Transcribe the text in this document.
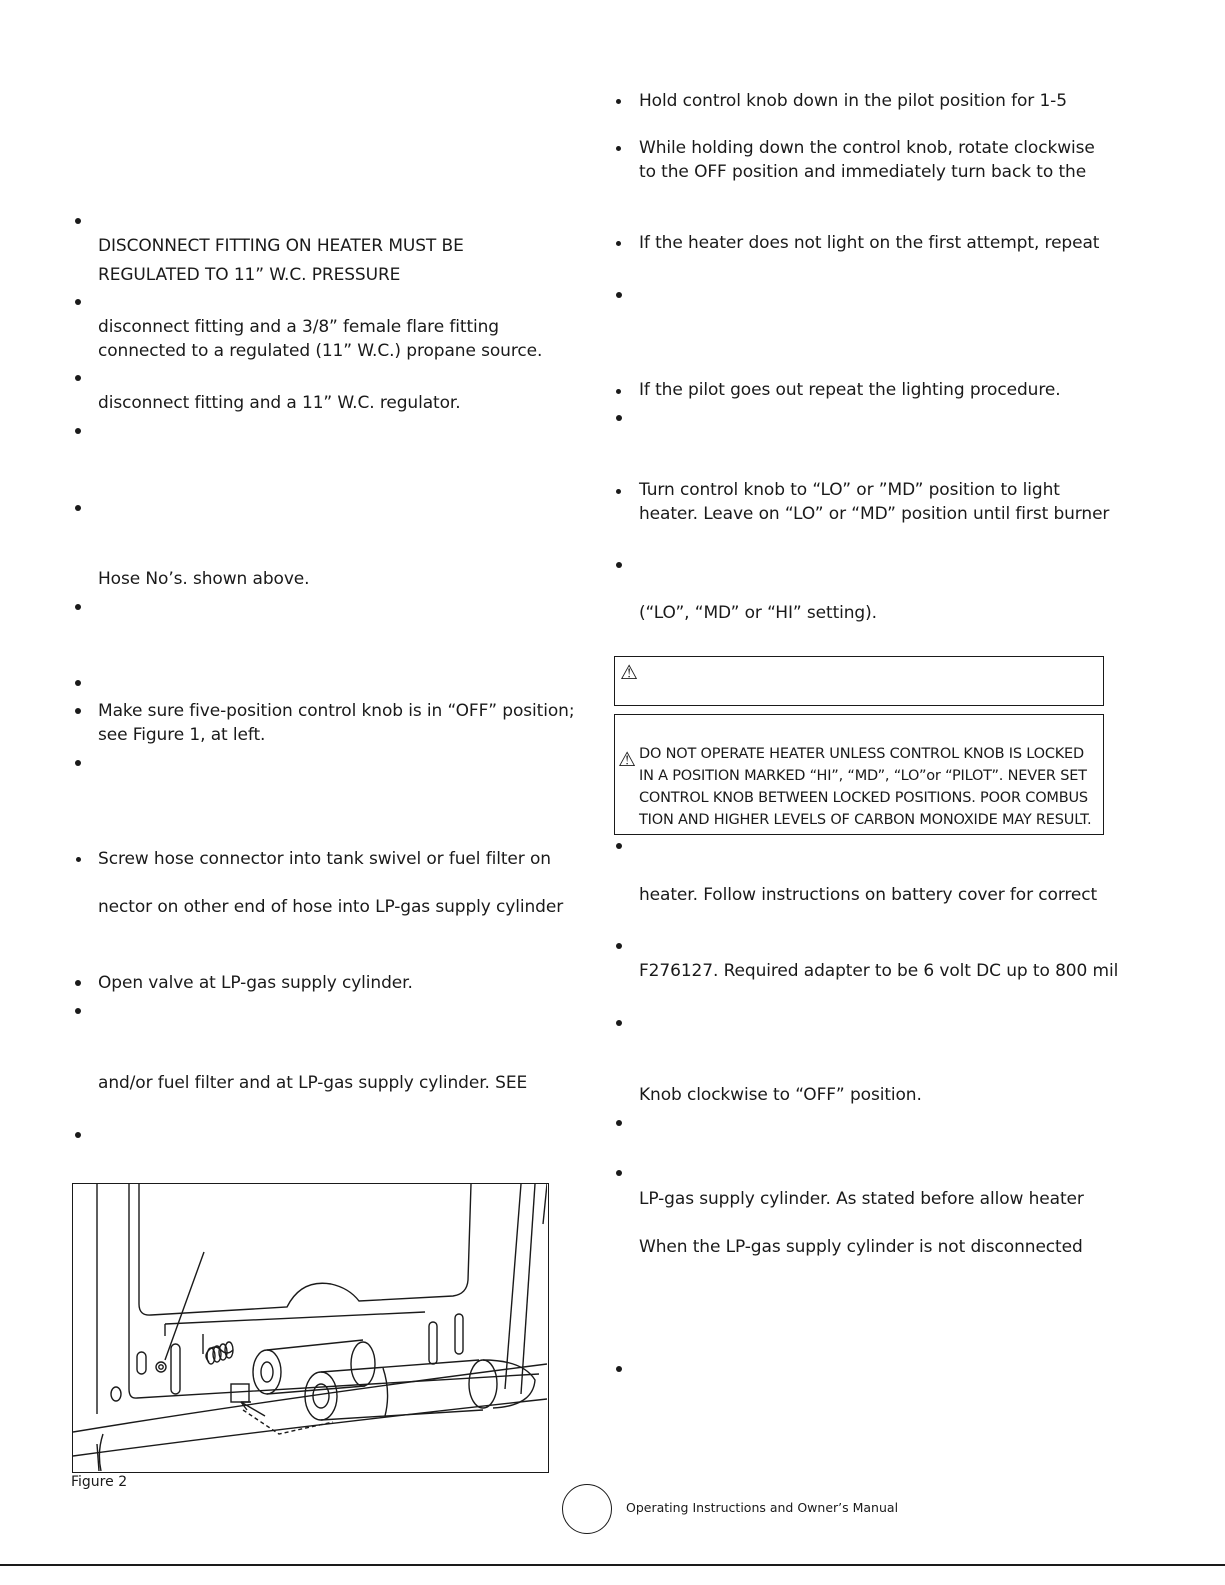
DISCONNECT FITTING ON HEATER MUST BE
REGULATED TO 11” W.C. PRESSURE
disconnect fitting and a 3/8” female flare fitting
connected to a regulated (11” W.C.) propane source.
disconnect fitting and a 11” W.C. regulator.
Hose No’s. shown above.
Make sure five-position control knob is in “OFF” position;
see Figure 1, at left.
Screw hose connector into tank swivel or fuel filter on
nector on other end of hose into LP-gas supply cylinder
Open valve at LP-gas supply cylinder.
and/or fuel filter and at LP-gas supply cylinder. SEE
Figure 2
Hold control knob down in the pilot position for 1-5
While holding down the control knob, rotate clockwise
to the OFF position and immediately turn back to the
If the heater does not light on the first attempt, repeat
If the pilot goes out repeat the lighting procedure.
Turn control knob to “LO” or ”MD” position to light
heater. Leave on “LO” or “MD” position until first burner
(“LO”, “MD” or “HI” setting).
⚠
⚠ DO NOT OPERATE HEATER UNLESS CONTROL KNOB IS LOCKED
IN A POSITION MARKED “HI”, “MD”, “LO”or “PILOT”. NEVER SET
CONTROL KNOB BETWEEN LOCKED POSITIONS. POOR COMBUS
TION AND HIGHER LEVELS OF CARBON MONOXIDE MAY RESULT.
heater. Follow instructions on battery cover for correct
F276127. Required adapter to be 6 volt DC up to 800 mil
Knob clockwise to “OFF” position.
LP-gas supply cylinder. As stated before allow heater
When the LP-gas supply cylinder is not disconnected
Operating Instructions and Owner’s Manual
